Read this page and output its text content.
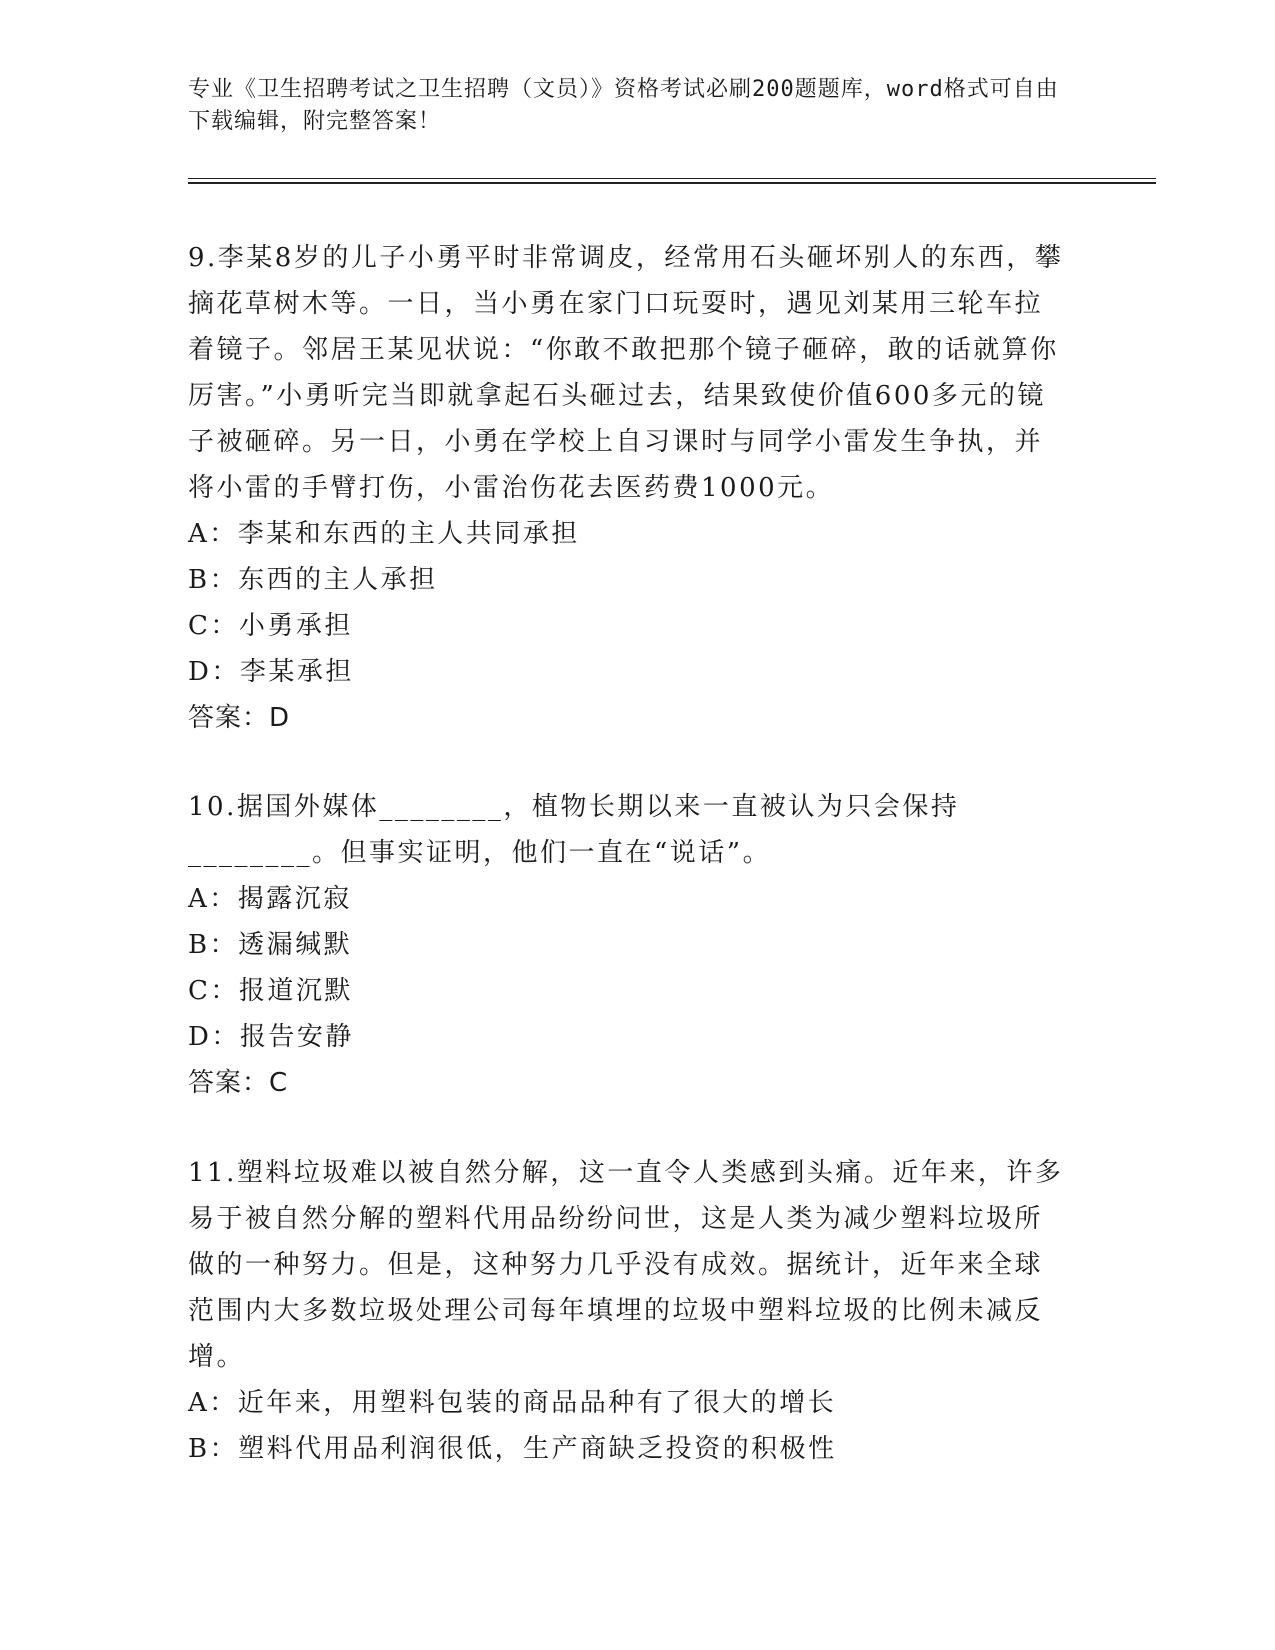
专业《卫生招聘考试之卫生招聘（文员）》资格考试必刷200题题库，word格式可自由下载编辑，附完整答案！
9.李某8岁的儿子小勇平时非常调皮，经常用石头砸坏别人的东西，攀摘花草树木等。一日，当小勇在家门口玩耍时，遇见刘某用三轮车拉着镜子。邻居王某见状说：“你敢不敢把那个镜子砸碎，敢的话就算你厉害。”小勇听完当即就拿起石头砸过去，结果致使价值600多元的镜子被砸碎。另一日，小勇在学校上自习课时与同学小雷发生争执，并将小雷的手臂打伤，小雷治伤花去医药费1000元。
A：李某和东西的主人共同承担
B：东西的主人承担
C：小勇承担
D：李某承担
答案：D
10.据国外媒体________，植物长期以来一直被认为只会保持________。但事实证明，他们一直在“说话”。
A：揭露沉寂
B：透漏缄默
C：报道沉默
D：报告安静
答案：C
11.塑料垃圾难以被自然分解，这一直令人类感到头痛。近年来，许多易于被自然分解的塑料代用品纷纷问世，这是人类为减少塑料垃圾所做的一种努力。但是，这种努力几乎没有成效。据统计，近年来全球范围内大多数垃圾处理公司每年填埋的垃圾中塑料垃圾的比例未减反增。
A：近年来，用塑料包装的商品品种有了很大的增长
B：塑料代用品利润很低，生产商缺乏投资的积极性
